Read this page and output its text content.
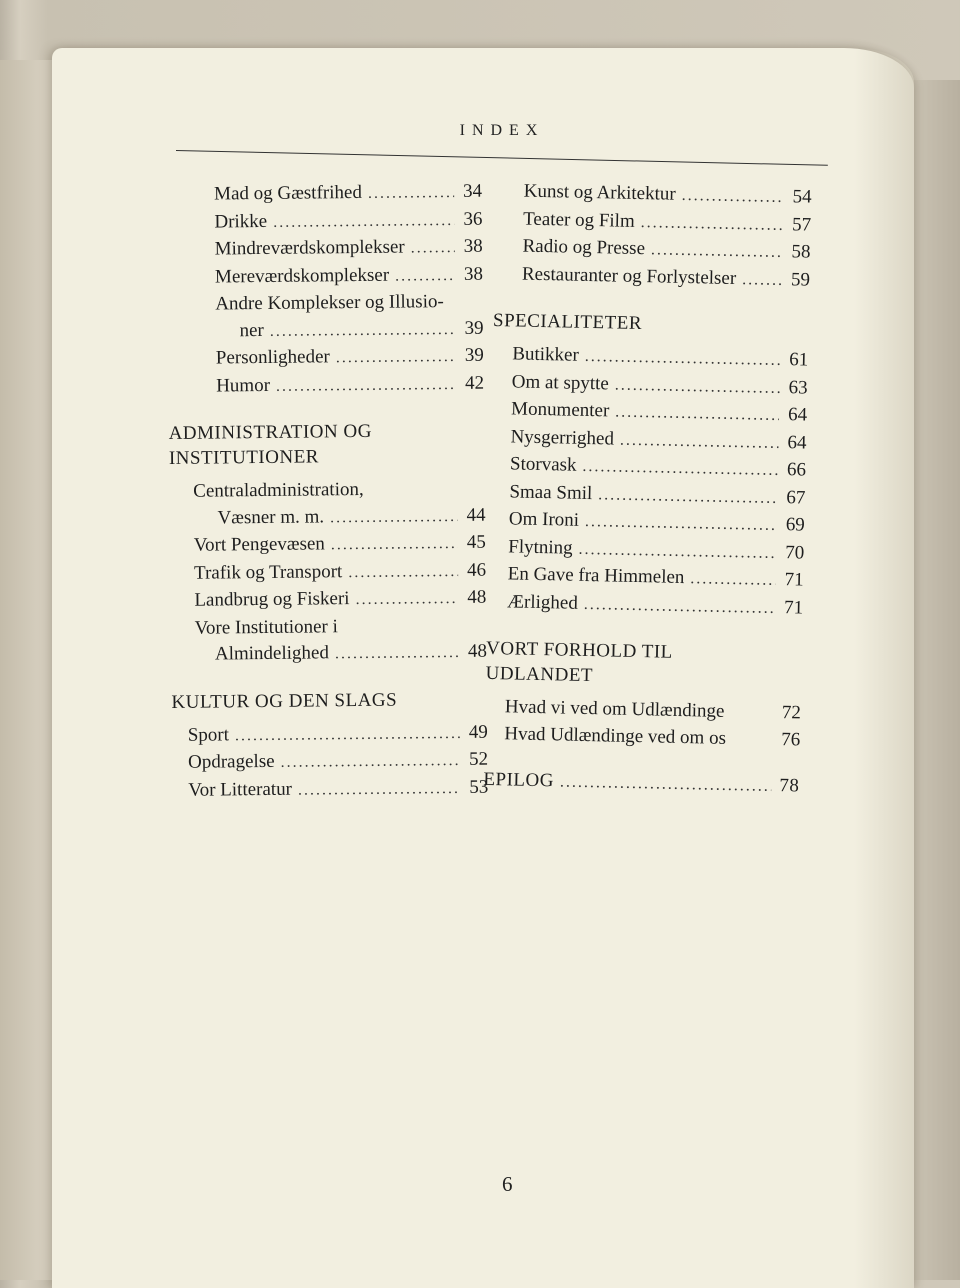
INDEX
Mad og Gæstfrihed .....	34
Drikke .....	36
Mindreværdskomplekser .....	38
Mereværdskomplekser .....	38
Andre Komplekser og Illusio-
ner .....	39
Personligheder .....	39
Humor .....	42
ADMINISTRATION OG
INSTITUTIONER
Centraladministration,
Væsner m. m. .....	44
Vort Pengevæsen .....	45
Trafik og Transport .....	46
Landbrug og Fiskeri .....	48
Vore Institutioner i
Almindelighed .....	48
KULTUR OG DEN SLAGS
Sport .....	49
Opdragelse .....	52
Vor Litteratur .....	53
Kunst og Arkitektur .....	54
Teater og Film .....	57
Radio og Presse .....	58
Restauranter og Forlystelser .....	59
SPECIALITETER
Butikker .....	61
Om at spytte .....	63
Monumenter .....	64
Nysgerrighed .....	64
Storvask .....	66
Smaa Smil .....	67
Om Ironi .....	69
Flytning .....	70
En Gave fra Himmelen .....	71
Ærlighed .....	71
VORT FORHOLD TIL
UDLANDET
Hvad vi ved om Udlændinge	72
Hvad Udlændinge ved om os	76
EPILOG .....	78
6
